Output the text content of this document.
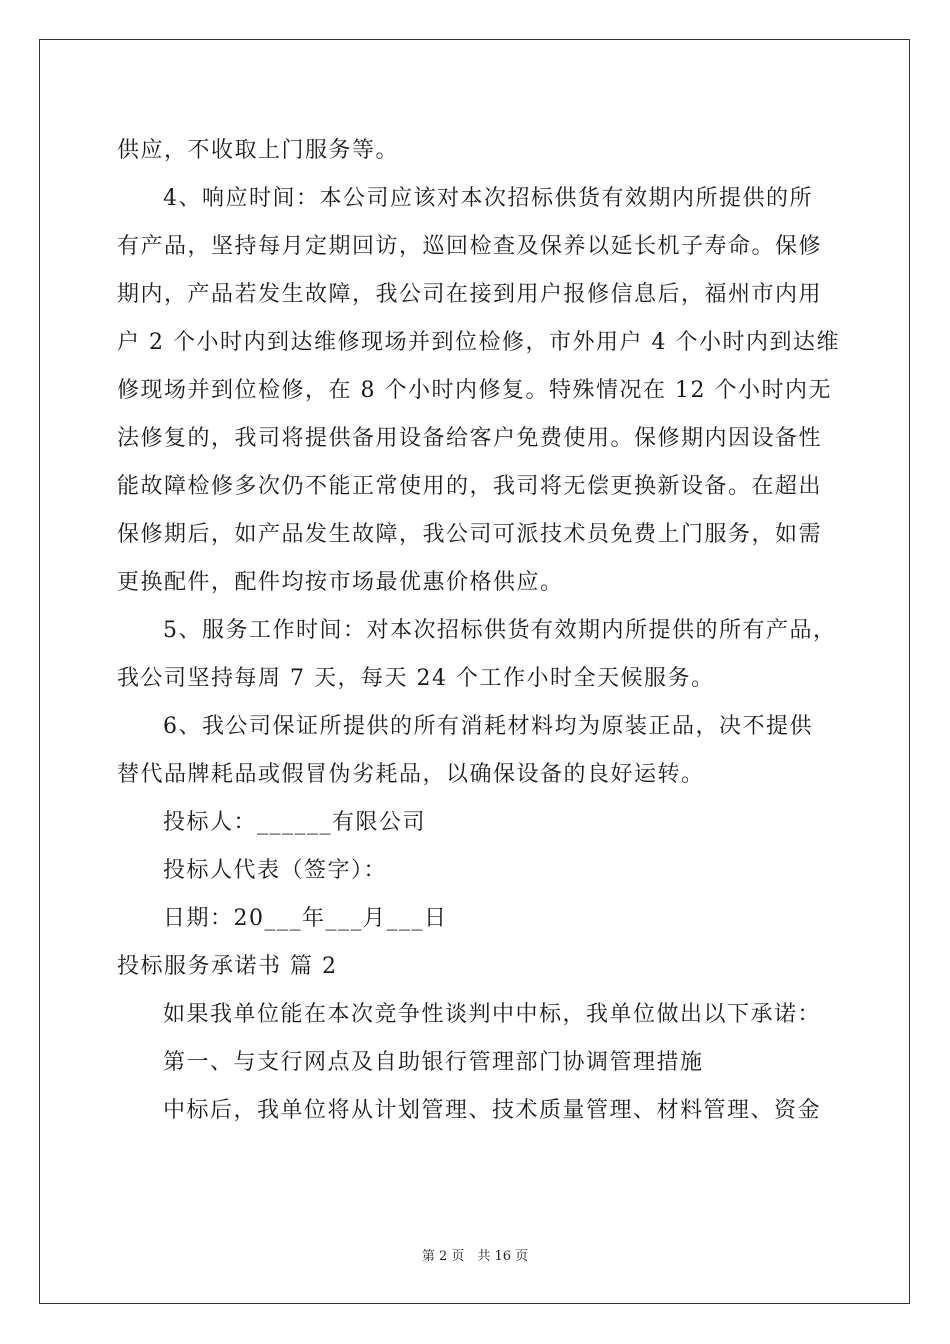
供应，不收取上门服务等。
4、响应时间：本公司应该对本次招标供货有效期内所提供的所
有产品，坚持每月定期回访，巡回检查及保养以延长机子寿命。保修
期内，产品若发生故障，我公司在接到用户报修信息后，福州市内用
户 2 个小时内到达维修现场并到位检修，市外用户 4 个小时内到达维
修现场并到位检修，在 8 个小时内修复。特殊情况在 12 个小时内无
法修复的，我司将提供备用设备给客户免费使用。保修期内因设备性
能故障检修多次仍不能正常使用的，我司将无偿更换新设备。在超出
保修期后，如产品发生故障，我公司可派技术员免费上门服务，如需
更换配件，配件均按市场最优惠价格供应。
5、服务工作时间：对本次招标供货有效期内所提供的所有产品，
我公司坚持每周 7 天，每天 24 个工作小时全天候服务。
6、我公司保证所提供的所有消耗材料均为原装正品，决不提供
替代品牌耗品或假冒伪劣耗品，以确保设备的良好运转。
投标人：______有限公司
投标人代表（签字）：
日期：20___年___月___日
投标服务承诺书 篇 2
如果我单位能在本次竞争性谈判中中标，我单位做出以下承诺：
第一、与支行网点及自助银行管理部门协调管理措施
中标后，我单位将从计划管理、技术质量管理、材料管理、资金
第 2 页　共 16 页
